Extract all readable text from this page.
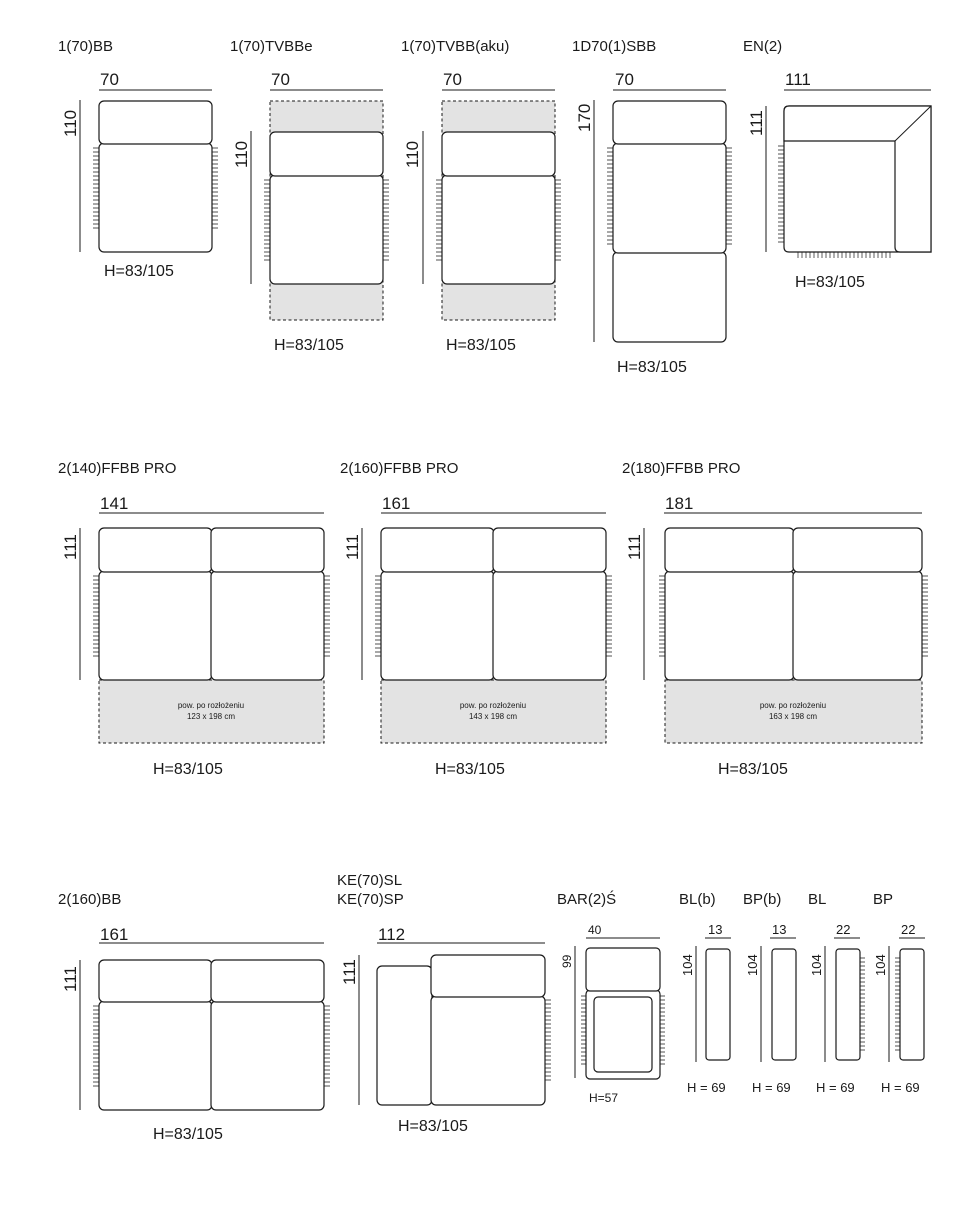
1(70)BB
70
110
H=83/105
1(70)TVBBe
70
110
H=83/105
1(70)TVBB(aku)
70
110
H=83/105
1D70(1)SBB
70
170
H=83/105
EN(2)
111
111
H=83/105
2(140)FFBB PRO
141
111
pow. po rozłożeniu
123 x 198 cm
H=83/105
2(160)FFBB PRO
161
111
pow. po rozłożeniu
143 x 198 cm
H=83/105
2(180)FFBB PRO
181
111
pow. po rozłożeniu
163 x 198 cm
H=83/105
2(160)BB
161
111
H=83/105
KE(70)SL
KE(70)SP
112
111
H=83/105
BAR(2)Ś
40
99
H=57
BL(b)
13
104
H = 69
BP(b)
13
104
H = 69
BL
22
104
H = 69
BP
22
104
H = 69
